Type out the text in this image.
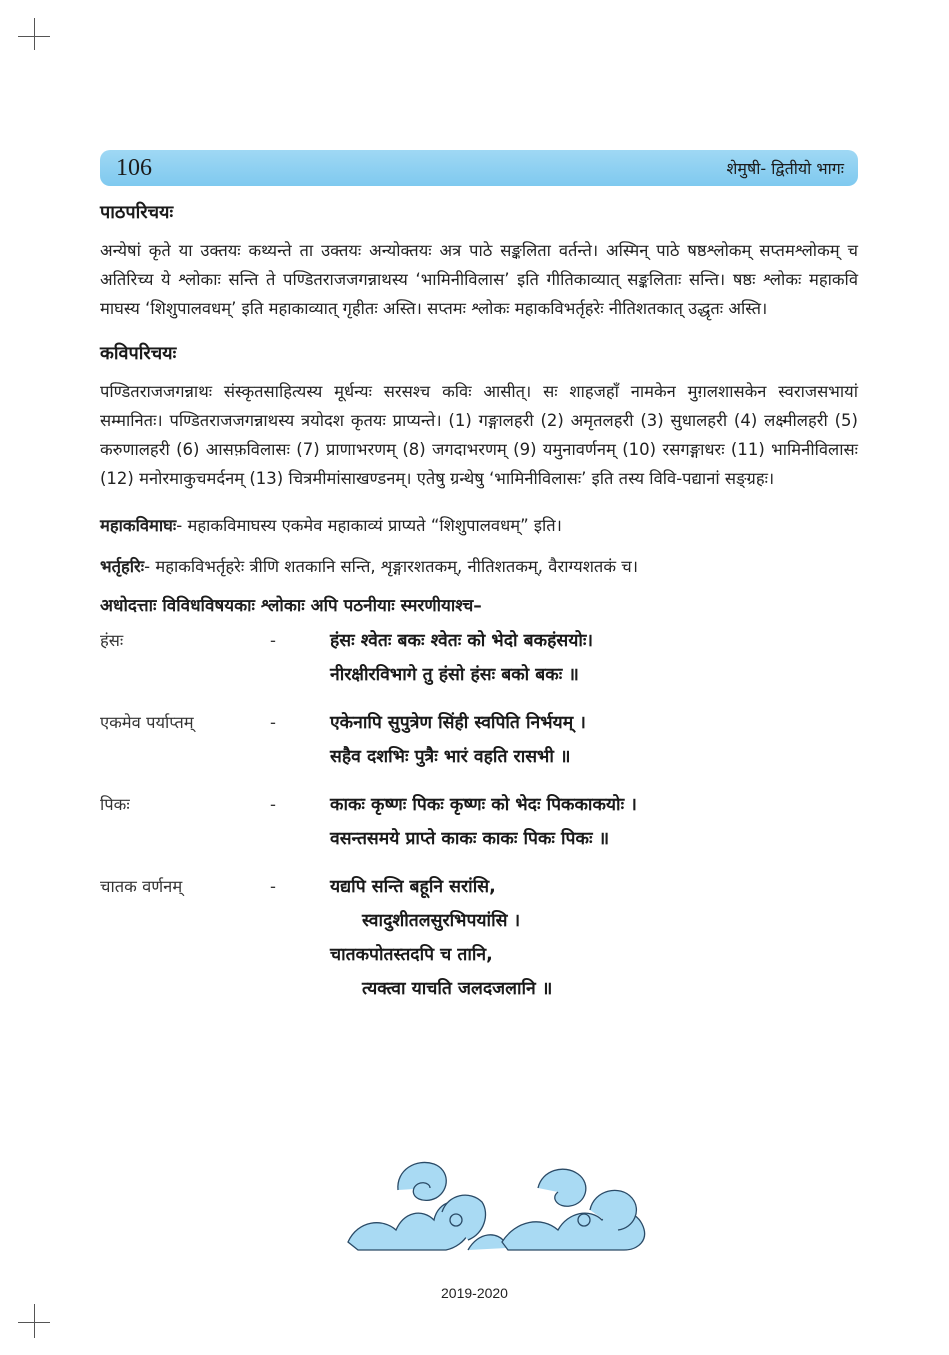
106	शेमुषी- द्वितीयो भागः
पाठपरिचयः

अन्येषां कृते या उक्तयः कथ्यन्ते ता उक्तयः अन्योक्तयः अत्र पाठे सङ्कलिता वर्तन्ते। अस्मिन् पाठे षष्ठश्लोकम् सप्तमश्लोकम् च अतिरिच्य ये श्लोकाः सन्ति ते पण्डितराजजगन्नाथस्य ‘भामिनीविलास’ इति गीतिकाव्यात् सङ्कलिताः सन्ति। षष्ठः श्लोकः महाकवि माघस्य ‘शिशुपालवधम्’ इति महाकाव्यात् गृहीतः अस्ति। सप्तमः श्लोकः महाकविभर्तृहरेः नीतिशतकात् उद्धृतः अस्ति।

कविपरिचयः

पण्डितराजजगन्नाथः संस्कृतसाहित्यस्य मूर्धन्यः सरसश्च कविः आसीत्। सः शाहजहाँ नामकेन मुग़लशासकेन स्वराजसभायां सम्मानितः। पण्डितराजजगन्नाथस्य त्रयोदश कृतयः प्राप्यन्ते। (1) गङ्गालहरी (2) अमृतलहरी (3) सुधालहरी (4) लक्ष्मीलहरी (5) करुणालहरी (6) आसफ़विलासः (7) प्राणाभरणम् (8) जगदाभरणम् (9) यमुनावर्णनम् (10) रसगङ्गाधरः (11) भामिनीविलासः (12) मनोरमाकुचमर्दनम् (13) चित्रमीमांसाखण्डनम्। एतेषु ग्रन्थेषु ‘भामिनीविलासः’ इति तस्य विवि-पद्यानां सङ्ग्रहः।

महाकविमाघः- महाकविमाघस्य एकमेव महाकाव्यं प्राप्यते “शिशुपालवधम्” इति।
भर्तृहरिः- महाकविभर्तृहरेः त्रीणि शतकानि सन्ति, शृङ्गारशतकम्, नीतिशतकम्, वैराग्यशतकं च।
अधोदत्ताः विविधविषयकाः श्लोकाः अपि पठनीयाः स्मरणीयाश्च–
हंसः	-	हंसः श्वेतः बकः श्वेतः को भेदो बकहंसयोः।
नीरक्षीरविभागे तु हंसो हंसः बको बकः ॥
एकमेव पर्याप्तम्	-	एकेनापि सुपुत्रेण सिंही स्वपिति निर्भयम् ।
सहैव दशभिः पुत्रैः भारं वहति रासभी ॥
पिकः	-	काकः कृष्णः पिकः कृष्णः को भेदः पिककाकयोः ।
वसन्तसमये प्राप्ते काकः काकः पिकः पिकः ॥
चातक वर्णनम्	-	यद्यपि सन्ति बहूनि सरांसि,
स्वादुशीतलसुरभिपयांसि ।
चातकपोतस्तदपि च तानि,
त्यक्त्वा याचति जलदजलानि ॥
2019-2020
